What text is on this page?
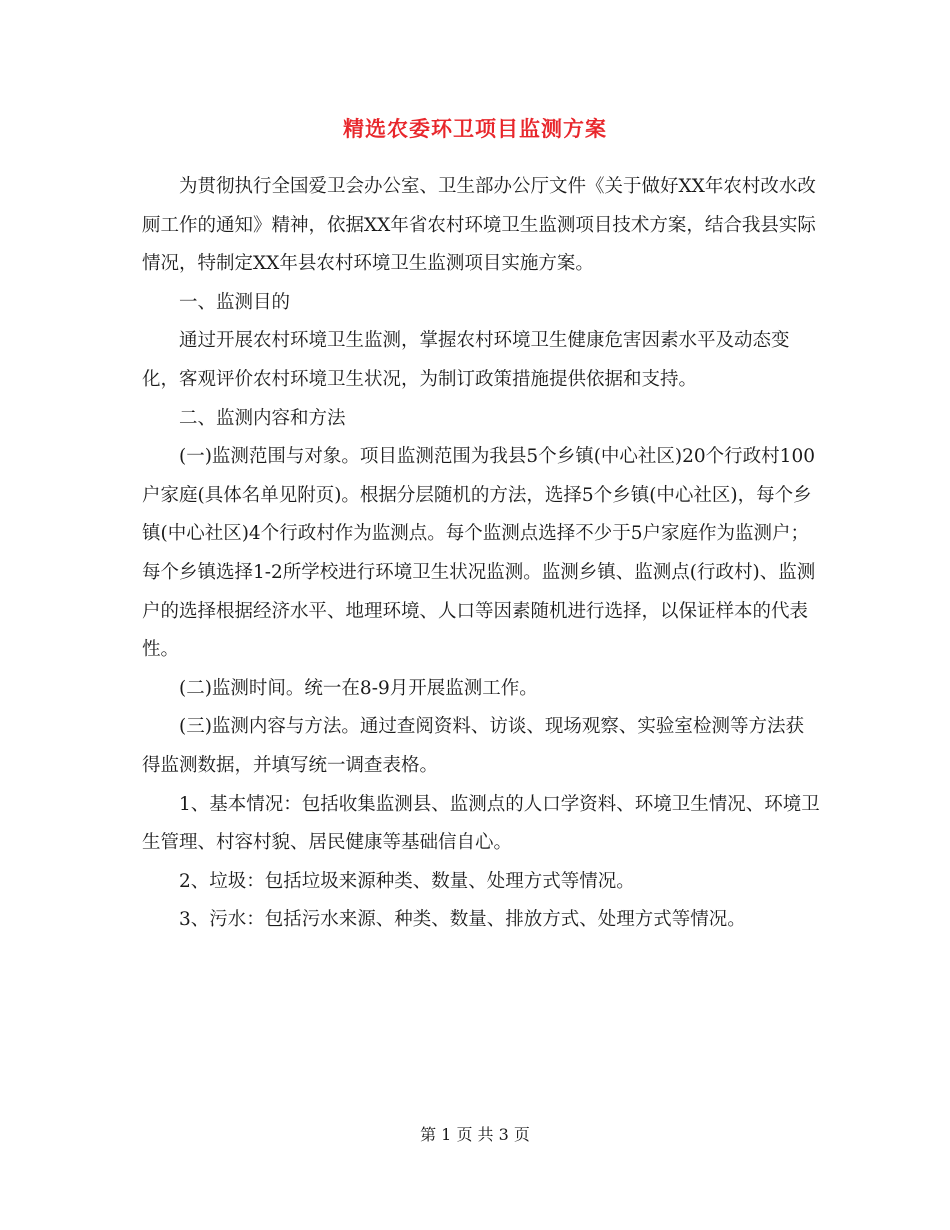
精选农委环卫项目监测方案

为贯彻执行全国爱卫会办公室、卫生部办公厅文件《关于做好XX年农村改水改厕工作的通知》精神，依据XX年省农村环境卫生监测项目技术方案，结合我县实际情况，特制定XX年县农村环境卫生监测项目实施方案。

一、监测目的

通过开展农村环境卫生监测，掌握农村环境卫生健康危害因素水平及动态变化，客观评价农村环境卫生状况，为制订政策措施提供依据和支持。

二、监测内容和方法

(一)监测范围与对象。项目监测范围为我县5个乡镇(中心社区)20个行政村100户家庭(具体名单见附页)。根据分层随机的方法，选择5个乡镇(中心社区)，每个乡镇(中心社区)4个行政村作为监测点。每个监测点选择不少于5户家庭作为监测户；每个乡镇选择1-2所学校进行环境卫生状况监测。监测乡镇、监测点(行政村)、监测户的选择根据经济水平、地理环境、人口等因素随机进行选择，以保证样本的代表性。

(二)监测时间。统一在8-9月开展监测工作。

(三)监测内容与方法。通过查阅资料、访谈、现场观察、实验室检测等方法获得监测数据，并填写统一调查表格。

1、基本情况：包括收集监测县、监测点的人口学资料、环境卫生情况、环境卫生管理、村容村貌、居民健康等基础信自心。

2、垃圾：包括垃圾来源种类、数量、处理方式等情况。

3、污水：包括污水来源、种类、数量、排放方式、处理方式等情况。

第 1 页 共 3 页
